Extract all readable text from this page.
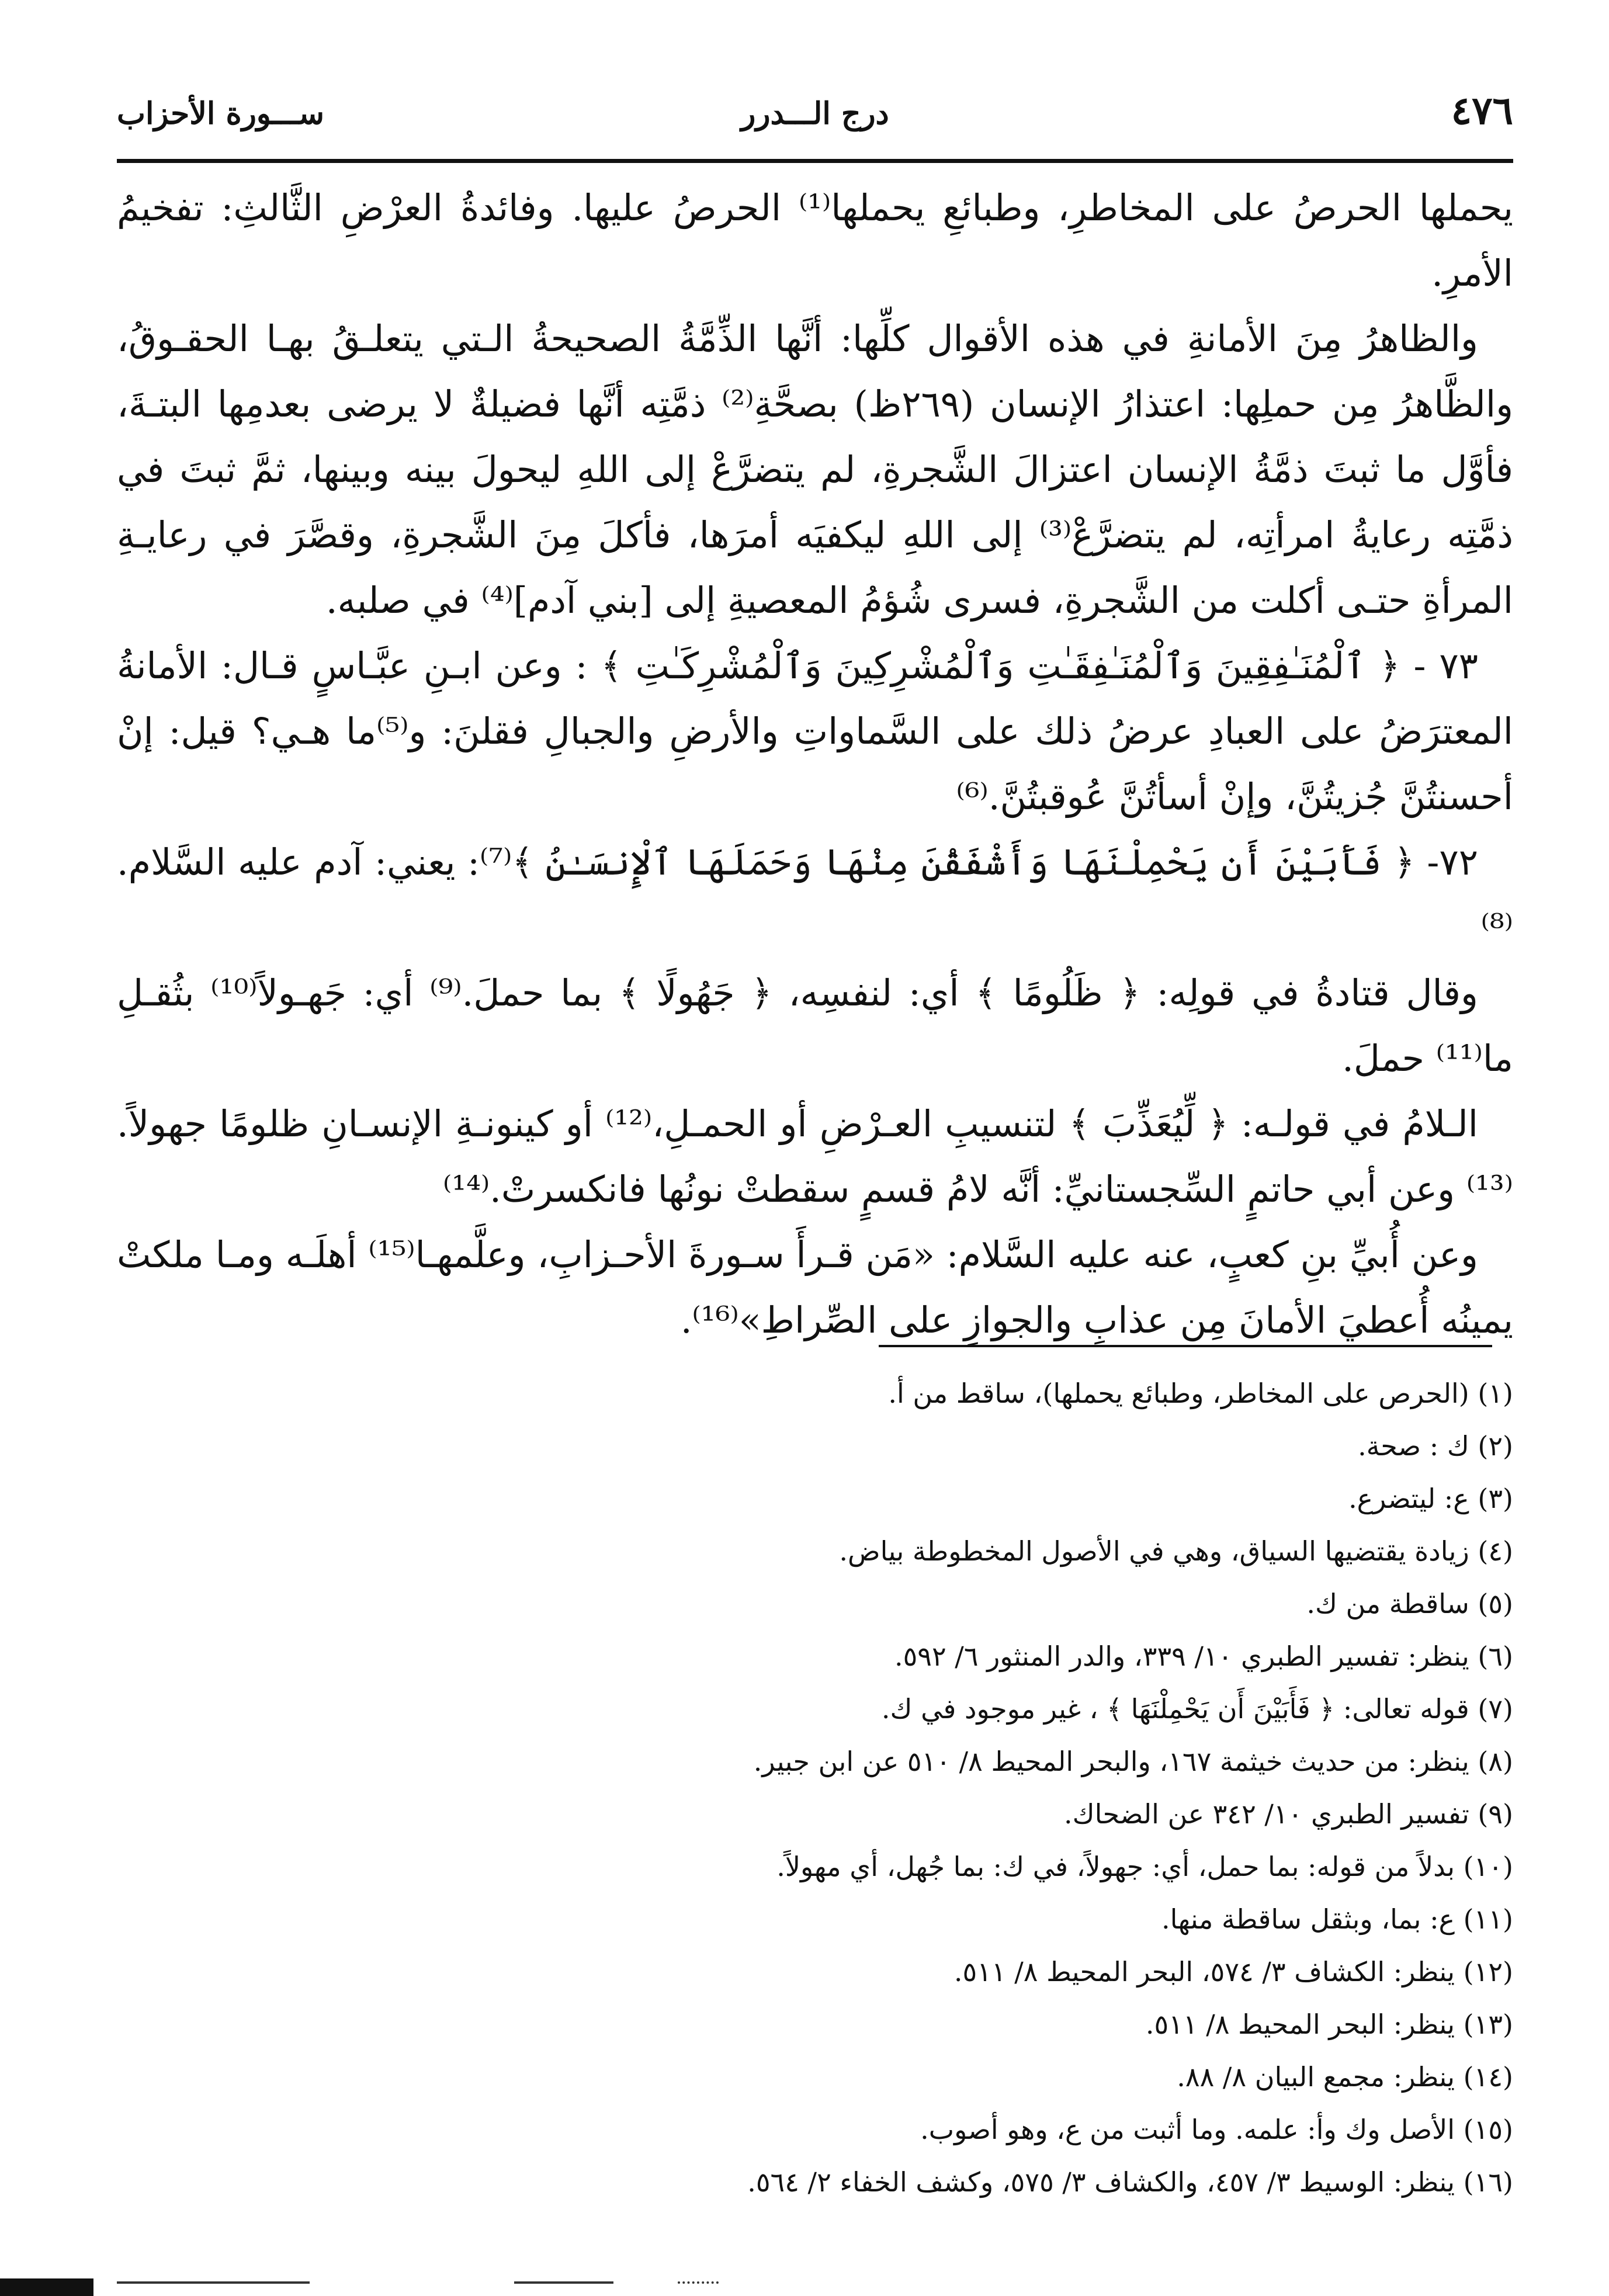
٤٧٦
درج الـــدرر
ســـورة الأحزاب

يحملها الحرصُ على المخاطرِ، وطبائعِ يحملها⁽¹⁾ الحرصُ عليها. وفائدةُ العرْضِ الثَّالثِ: تفخيمُ الأمرِ.

والظاهرُ مِنَ الأمانةِ في هذه الأقوال كلِّها: أنَّها الذِّمَّةُ الصحيحةُ الـتي يتعلـقُ بهـا الحقـوقُ، والظَّاهرُ مِن حملِها: اعتذارُ الإنسان (٢٦٩ظ) بصحَّةِ⁽²⁾ ذمَّتِه أنَّها فضيلةٌ لا يرضى بعدمِها البتـةَ، فأوَّل ما ثبتَ ذمَّةُ الإنسان اعتزالَ الشَّجرةِ، لم يتضرَّعْ إلى اللهِ ليحولَ بينه وبينها، ثمَّ ثبتَ في ذمَّتِه رعايةُ امرأتِه، لم يتضرَّعْ⁽³⁾ إلى اللهِ ليكفيَه أمرَها، فأكلَ مِنَ الشَّجرةِ، وقصَّرَ في رعايـةِ المرأةِ حتـى أكلت من الشَّجرةِ، فسرى شُؤمُ المعصيةِ إلى [بني آدم]⁽⁴⁾ في صلبه.

٧٣ - ﴿ ٱلْمُنَـٰفِقِينَ وَٱلْمُنَـٰفِقَـٰتِ وَٱلْمُشْرِكِينَ وَٱلْمُشْرِكَـٰتِ ﴾ : وعن ابـنِ عبَّـاسٍ قـال: الأمانةُ المعترَضُ على العبادِ عرضُ ذلك على السَّماواتِ والأرضِ والجبالِ فقلنَ: و⁽⁵⁾ما هـي؟ قيل: إنْ أحسنتُنَّ جُزيتُنَّ، وإنْ أسأتُنَّ عُوقبتُنَّ.⁽⁶⁾

٧٢- ﴿ فَأَبَيْنَ أَن يَحْمِلْنَهَا وَأَشْفَقْنَ مِنْهَا وَحَمَلَهَا ٱلْإِنسَـٰنُ ﴾⁽⁷⁾: يعني: آدم عليه السَّلام.⁽⁸⁾

وقال قتادةُ في قولِه: ﴿ ظَلُومًا ﴾ أي: لنفسِه، ﴿ جَهُولًا ﴾ بما حملَ.⁽⁹⁾ أي: جَهـولاً⁽¹⁰⁾ بثُقـلِ ما⁽¹¹⁾ حملَ.

الـلامُ في قولـه: ﴿ لِّيُعَذِّبَ ﴾ لتنسيبِ العـرْضِ أو الحمـلِ،⁽¹²⁾ أو كينونـةِ الإنسـانِ ظلومًا جهولاً.⁽¹³⁾ وعن أبي حاتمٍ السِّجستانيِّ: أنَّه لامُ قسمٍ سقطتْ نونُها فانكسرتْ.⁽¹⁴⁾

وعن أُبيِّ بنِ كعبٍ، عنه عليه السَّلام: «مَن قـرأَ سـورةَ الأحـزابِ، وعلَّمهـا⁽¹⁵⁾ أهلَـه ومـا ملكتْ يمينُه أُعطيَ الأمانَ مِن عذابِ والجوازِ على الصِّراطِ»⁽¹⁶⁾.

(١) (الحرص على المخاطر، وطبائع يحملها)، ساقط من أ.

(٢) ك : صحة.

(٣) ع: ليتضرع.

(٤) زيادة يقتضيها السياق، وهي في الأصول المخطوطة بياض.

(٥) ساقطة من ك.

(٦) ينظر: تفسير الطبري ١٠/ ٣٣٩، والدر المنثور ٦/ ٥٩٢.

(٧) قوله تعالى: ﴿ فَأَبَيْنَ أَن يَحْمِلْنَهَا ﴾ ، غير موجود في ك.

(٨) ينظر: من حديث خيثمة ١٦٧، والبحر المحيط ٨/ ٥١٠ عن ابن جبير.

(٩) تفسير الطبري ١٠/ ٣٤٢ عن الضحاك.

(١٠) بدلاً من قوله: بما حمل، أي: جهولاً، في ك: بما جُهل، أي مهولاً.

(١١) ع: بما، وبثقل ساقطة منها.

(١٢) ينظر: الكشاف ٣/ ٥٧٤، البحر المحيط ٨/ ٥١١.

(١٣) ينظر: البحر المحيط ٨/ ٥١١.

(١٤) ينظر: مجمع البيان ٨/ ٨٨.

(١٥) الأصل وك وأ: علمه. وما أثبت من ع، وهو أصوب.

(١٦) ينظر: الوسيط ٣/ ٤٥٧، والكشاف ٣/ ٥٧٥، وكشف الخفاء ٢/ ٥٦٤.
